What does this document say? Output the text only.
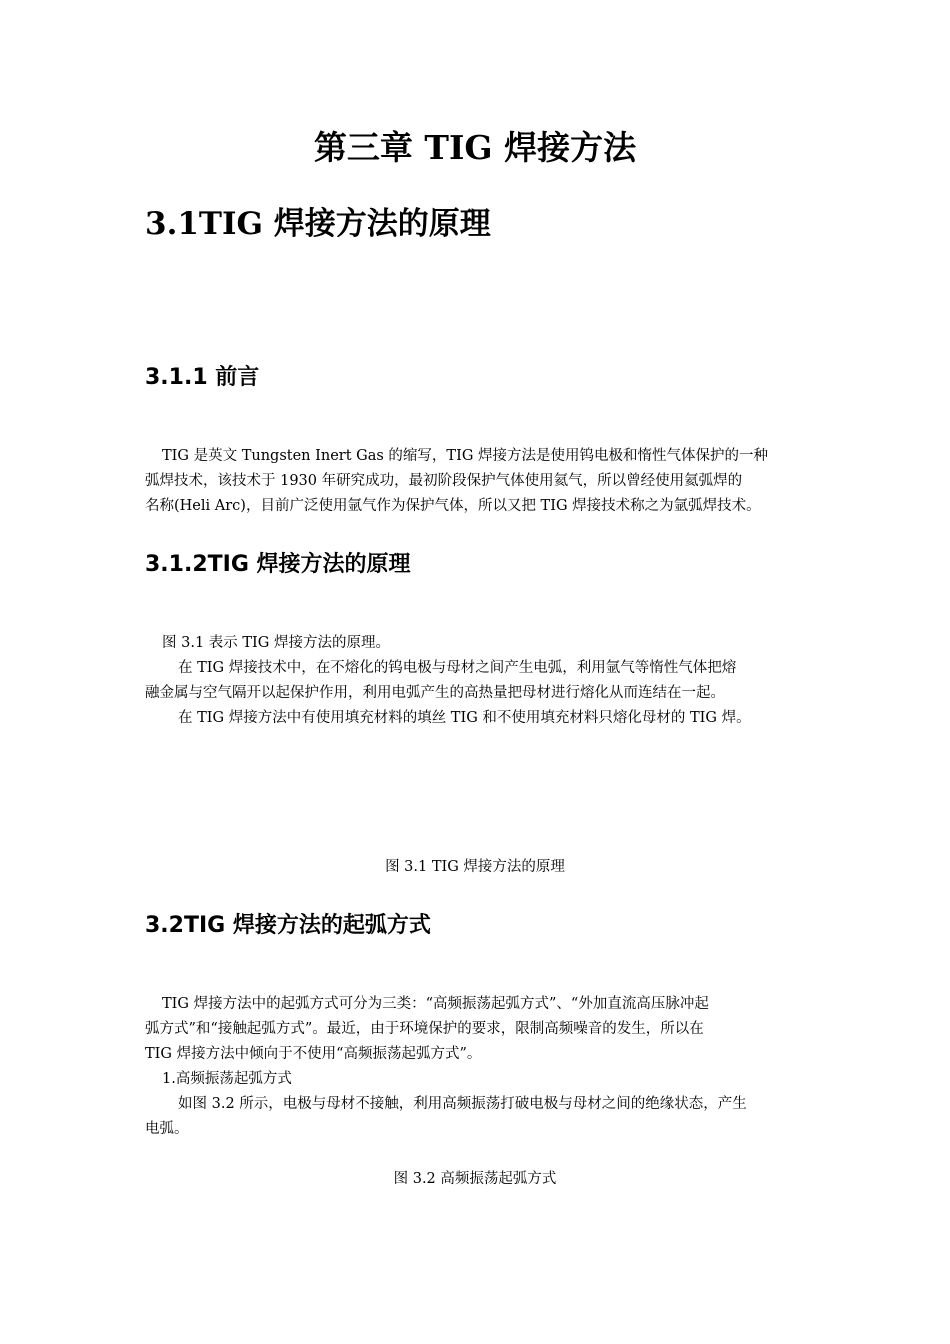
第三章 TIG 焊接方法
3.1TIG 焊接方法的原理
3.1.1 前言

TIG 是英文 Tungsten Inert Gas 的缩写，TIG 焊接方法是使用钨电极和惰性气体保护的一种

弧焊技术，该技术于 1930 年研究成功，最初阶段保护气体使用氦气，所以曾经使用氦弧焊的

名称(Heli Arc)，目前广泛使用氩气作为保护气体，所以又把 TIG 焊接技术称之为氩弧焊技术。

3.1.2TIG 焊接方法的原理

图 3.1 表示 TIG 焊接方法的原理。

在 TIG 焊接技术中，在不熔化的钨电极与母材之间产生电弧，利用氩气等惰性气体把熔

融金属与空气隔开以起保护作用，利用电弧产生的高热量把母材进行熔化从而连结在一起。

在 TIG 焊接方法中有使用填充材料的填丝 TIG 和不使用填充材料只熔化母材的 TIG 焊。

图 3.1 TIG 焊接方法的原理

3.2TIG 焊接方法的起弧方式

TIG 焊接方法中的起弧方式可分为三类：“高频振荡起弧方式”、“外加直流高压脉冲起

弧方式”和“接触起弧方式”。最近，由于环境保护的要求，限制高频噪音的发生，所以在

TIG 焊接方法中倾向于不使用“高频振荡起弧方式”。

1.高频振荡起弧方式

如图 3.2 所示，电极与母材不接触，利用高频振荡打破电极与母材之间的绝缘状态，产生

电弧。

图 3.2 高频振荡起弧方式
